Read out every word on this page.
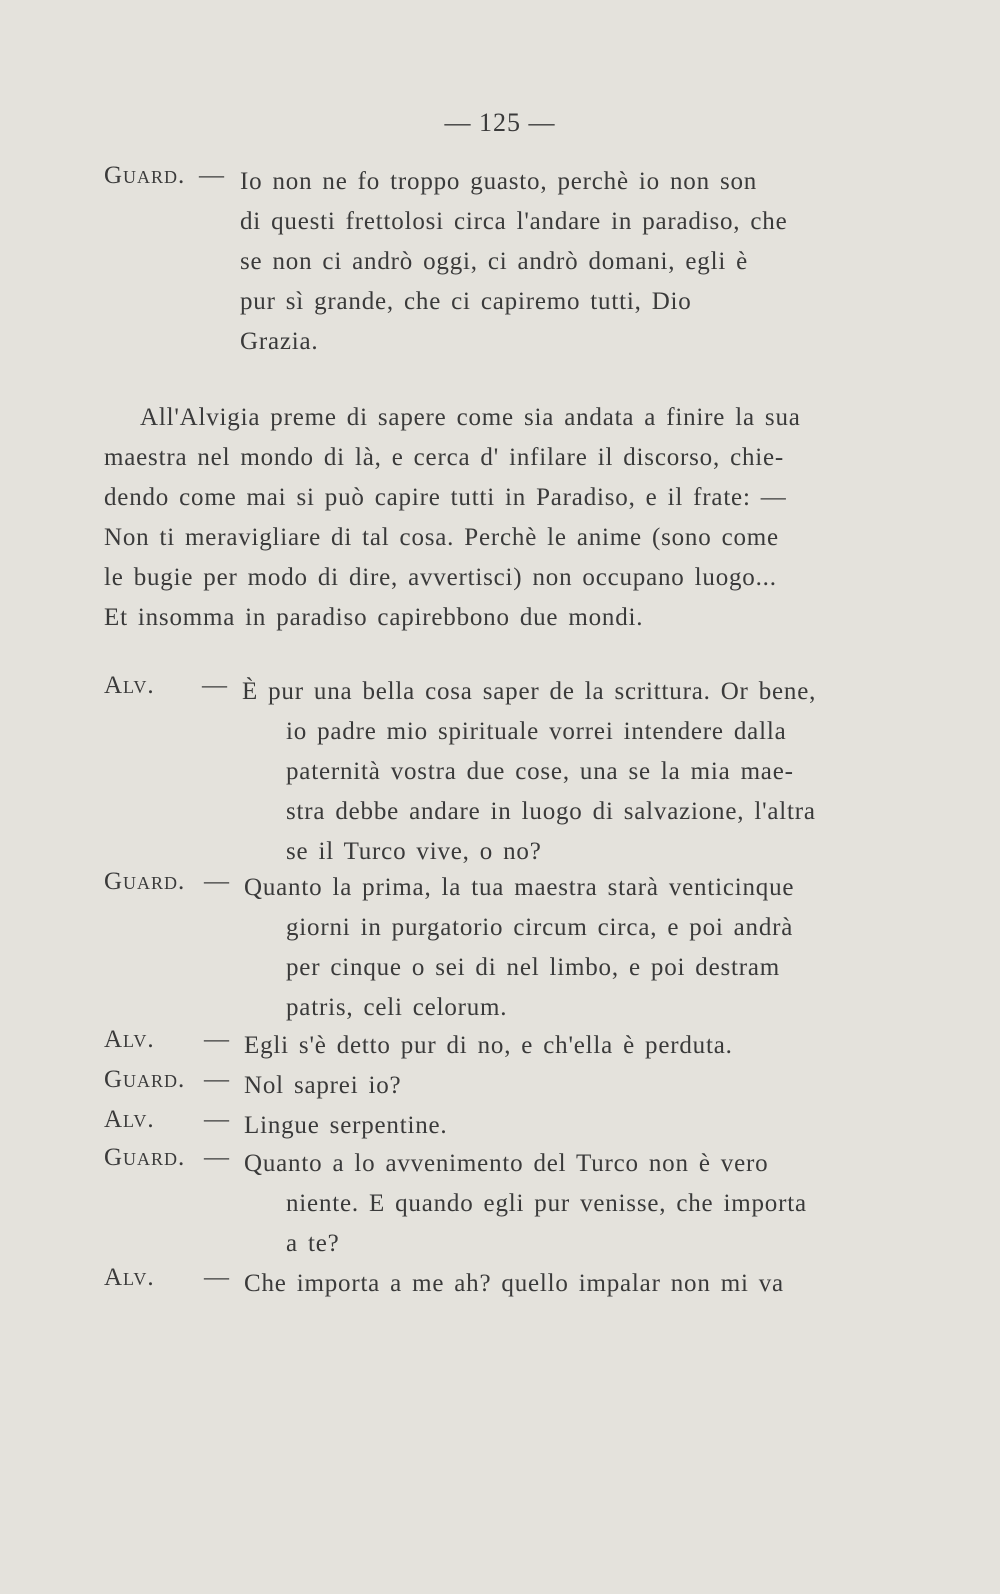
— 125 —
Guard. — Io non ne fo troppo guasto, perchè io non son
di questi frettolosi circa l'andare in paradiso, che
se non ci andrò oggi, ci andrò domani, egli è
pur sì grande, che ci capiremo tutti, Dio
Grazia.
All'Alvigia preme di sapere come sia andata a finire la sua
maestra nel mondo di là, e cerca d' infilare il discorso, chie-
dendo come mai si può capire tutti in Paradiso, e il frate: —
Non ti meravigliare di tal cosa. Perchè le anime (sono come
le bugie per modo di dire, avvertisci) non occupano luogo...
Et insomma in paradiso capirebbono due mondi.
Alv. — È pur una bella cosa saper de la scrittura. Or bene,
io padre mio spirituale vorrei intendere dalla
paternità vostra due cose, una se la mia mae-
stra debbe andare in luogo di salvazione, l'altra
se il Turco vive, o no?
Guard. — Quanto la prima, la tua maestra starà venticinque
giorni in purgatorio circum circa, e poi andrà
per cinque o sei di nel limbo, e poi destram
patris, celi celorum.
Alv. — Egli s'è detto pur di no, e ch'ella è perduta.
Guard. — Nol saprei io?
Alv. — Lingue serpentine.
Guard. — Quanto a lo avvenimento del Turco non è vero
niente. E quando egli pur venisse, che importa
a te?
Alv. — Che importa a me ah? quello impalar non mi va
